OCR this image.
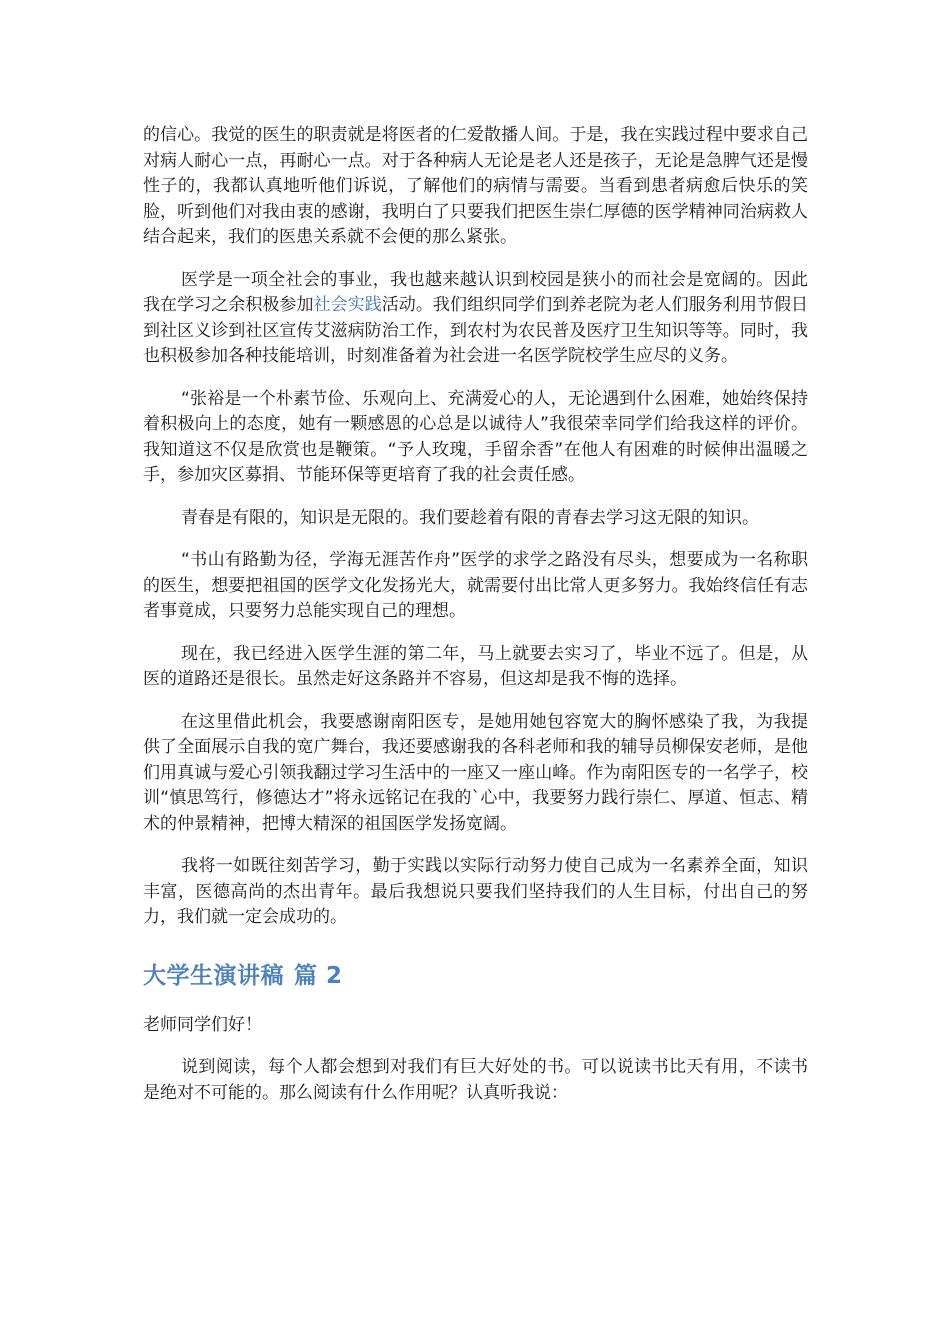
的信心。我觉的医生的职责就是将医者的仁爱散播人间。于是，我在实践过程中要求自己对病人耐心一点，再耐心一点。对于各种病人无论是老人还是孩子，无论是急脾气还是慢性子的，我都认真地听他们诉说，了解他们的病情与需要。当看到患者病愈后快乐的笑脸，听到他们对我由衷的感谢，我明白了只要我们把医生崇仁厚德的医学精神同治病救人结合起来，我们的医患关系就不会便的那么紧张。

医学是一项全社会的事业，我也越来越认识到校园是狭小的而社会是宽阔的。因此我在学习之余积极参加社会实践活动。我们组织同学们到养老院为老人们服务利用节假日到社区义诊到社区宣传艾滋病防治工作，到农村为农民普及医疗卫生知识等等。同时，我也积极参加各种技能培训，时刻准备着为社会进一名医学院校学生应尽的义务。

“张裕是一个朴素节俭、乐观向上、充满爱心的人，无论遇到什么困难，她始终保持着积极向上的态度，她有一颗感恩的心总是以诚待人”我很荣幸同学们给我这样的评价。我知道这不仅是欣赏也是鞭策。“予人玫瑰，手留余香”在他人有困难的时候伸出温暖之手，参加灾区募捐、节能环保等更培育了我的社会责任感。

青春是有限的，知识是无限的。我们要趁着有限的青春去学习这无限的知识。

“书山有路勤为径，学海无涯苦作舟”医学的求学之路没有尽头，想要成为一名称职的医生，想要把祖国的医学文化发扬光大，就需要付出比常人更多努力。我始终信任有志者事竟成，只要努力总能实现自己的理想。

现在，我已经进入医学生涯的第二年，马上就要去实习了，毕业不远了。但是，从医的道路还是很长。虽然走好这条路并不容易，但这却是我不悔的选择。

在这里借此机会，我要感谢南阳医专，是她用她包容宽大的胸怀感染了我，为我提供了全面展示自我的宽广舞台，我还要感谢我的各科老师和我的辅导员柳保安老师，是他们用真诚与爱心引领我翻过学习生活中的一座又一座山峰。作为南阳医专的一名学子，校训“慎思笃行，修德达才”将永远铭记在我的`心中，我要努力践行崇仁、厚道、恒志、精术的仲景精神，把博大精深的祖国医学发扬宽阔。

我将一如既往刻苦学习，勤于实践以实际行动努力使自己成为一名素养全面，知识丰富，医德高尚的杰出青年。最后我想说只要我们坚持我们的人生目标，付出自己的努力，我们就一定会成功的。

大学生演讲稿 篇 2

老师同学们好！

说到阅读，每个人都会想到对我们有巨大好处的书。可以说读书比天有用，不读书是绝对不可能的。那么阅读有什么作用呢？认真听我说：
